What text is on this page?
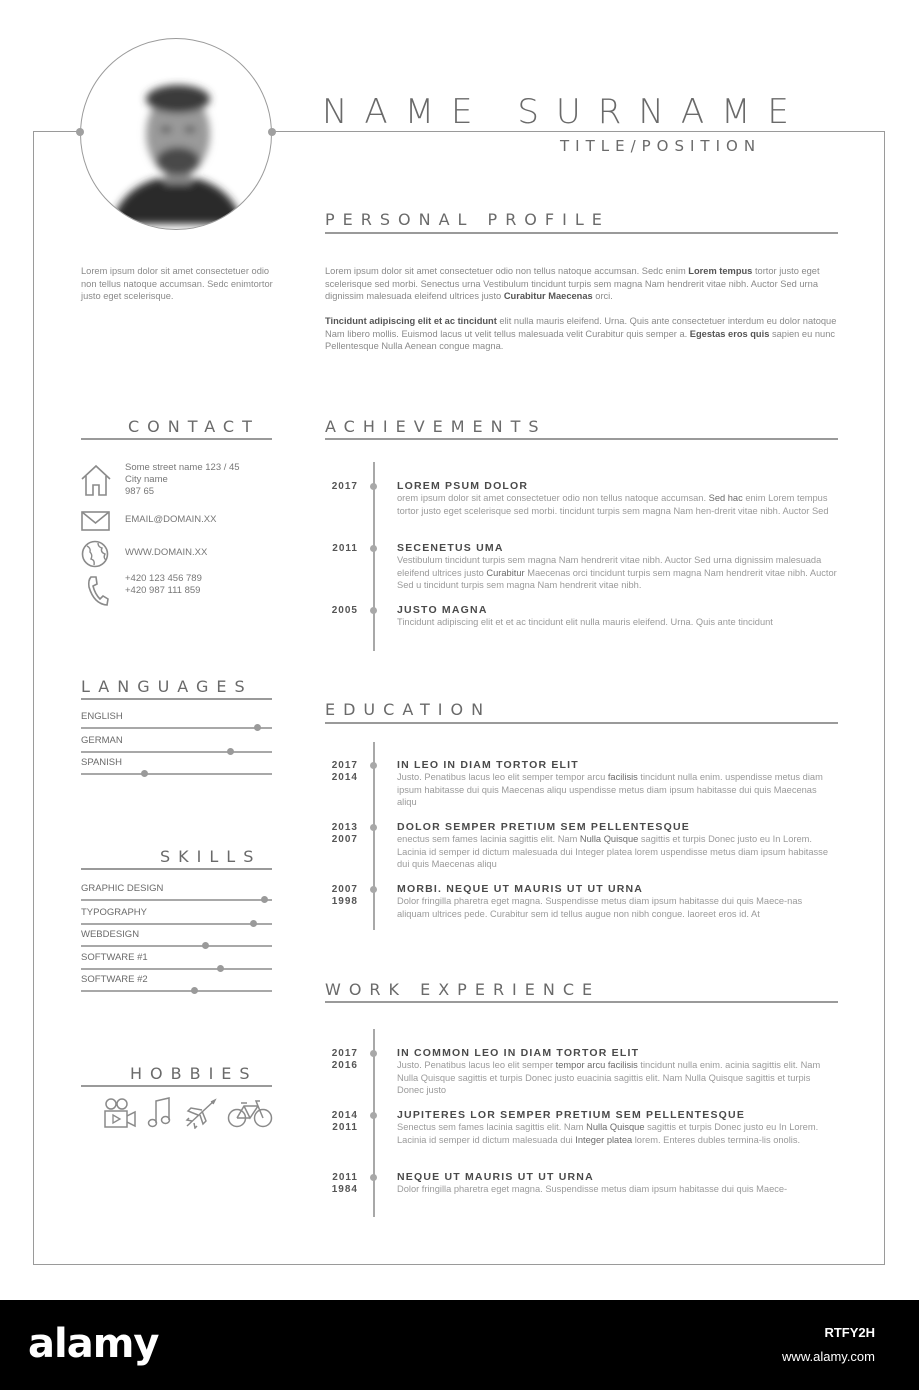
NAME SURNAME
TITLE/POSITION
PERSONAL PROFILE
Lorem ipsum dolor sit amet consectetuer odio non tellus natoque accumsan. Sedc enimtortor justo eget scelerisque.
Lorem ipsum dolor sit amet consectetuer odio non tellus natoque accumsan. Sedc enim Lorem tempus tortor justo eget scelerisque sed morbi. Senectus urna Vestibulum tincidunt turpis sem magna Nam hendrerit vitae nibh. Auctor Sed urna dignissim malesuada eleifend ultrices justo Curabitur Maecenas orci.
Tincidunt adipiscing elit et ac tincidunt elit nulla mauris eleifend. Urna. Quis ante consectetuer interdum eu dolor natoque Nam libero mollis. Euismod lacus ut velit tellus malesuada velit Curabitur quis semper a. Egestas eros quis sapien eu nunc Pellentesque Nulla Aenean congue magna.
CONTACT
Some street name 123 / 45
City name
987 65
EMAIL@DOMAIN.XX
WWW.DOMAIN.XX
+420 123 456 789
+420 987 111 859
LANGUAGES
ENGLISH
GERMAN
SPANISH
SKILLS
GRAPHIC DESIGN
TYPOGRAPHY
WEBDESIGN
SOFTWARE #1
SOFTWARE #2
HOBBIES
ACHIEVEMENTS
2017	LOREM PSUM DOLOR
orem ipsum dolor sit amet consectetuer odio non tellus natoque accumsan. Sed hac enim Lorem tempus tortor justo eget scelerisque sed morbi. tincidunt turpis sem magna Nam hen-drerit vitae nibh. Auctor Sed
2011	SECENETUS UMA
Vestibulum tincidunt turpis sem magna Nam hendrerit vitae nibh. Auctor Sed urna dignissim malesuada eleifend ultrices justo Curabitur Maecenas orci tincidunt turpis sem magna Nam hendrerit vitae nibh. Auctor Sed u tincidunt turpis sem magna Nam hendrerit vitae nibh.
2005	JUSTO MAGNA
Tincidunt adipiscing elit et et ac tincidunt elit nulla mauris eleifend. Urna. Quis ante tincidunt
EDUCATION
2017
2014
IN LEO IN DIAM TORTOR ELIT
Justo. Penatibus lacus leo elit semper tempor arcu facilisis tincidunt nulla enim. uspendisse metus diam ipsum habitasse dui quis Maecenas aliqu uspendisse metus diam ipsum habitasse dui quis Maecenas aliqu
2013
2007
DOLOR SEMPER PRETIUM SEM PELLENTESQUE
enectus sem fames lacinia sagittis elit. Nam Nulla Quisque sagittis et turpis Donec justo eu In Lorem. Lacinia id semper id dictum malesuada dui Integer platea lorem uspendisse metus diam ipsum habitasse dui quis Maecenas aliqu
2007
1998
MORBI. NEQUE UT MAURIS UT UT URNA
Dolor fringilla pharetra eget magna. Suspendisse metus diam ipsum habitasse dui quis Maece-nas aliquam ultrices pede. Curabitur sem id tellus augue non nibh congue. laoreet eros id. At
WORK EXPERIENCE
2017
2016
IN COMMON LEO IN DIAM TORTOR ELIT
Justo. Penatibus lacus leo elit semper tempor arcu facilisis tincidunt nulla enim. acinia sagittis elit. Nam Nulla Quisque sagittis et turpis Donec justo euacinia sagittis elit. Nam Nulla Quisque sagittis et turpis Donec justo
2014
2011
JUPITERES LOR SEMPER PRETIUM SEM PELLENTESQUE
Senectus sem fames lacinia sagittis elit. Nam Nulla Quisque sagittis et turpis Donec justo eu In Lorem. Lacinia id semper id dictum malesuada dui Integer platea lorem. Enteres dubles termina-lis onolis.
2011
1984
NEQUE UT MAURIS UT UT URNA
Dolor fringilla pharetra eget magna. Suspendisse metus diam ipsum habitasse dui quis Maece-
alamy	RTFY2H
www.alamy.com
